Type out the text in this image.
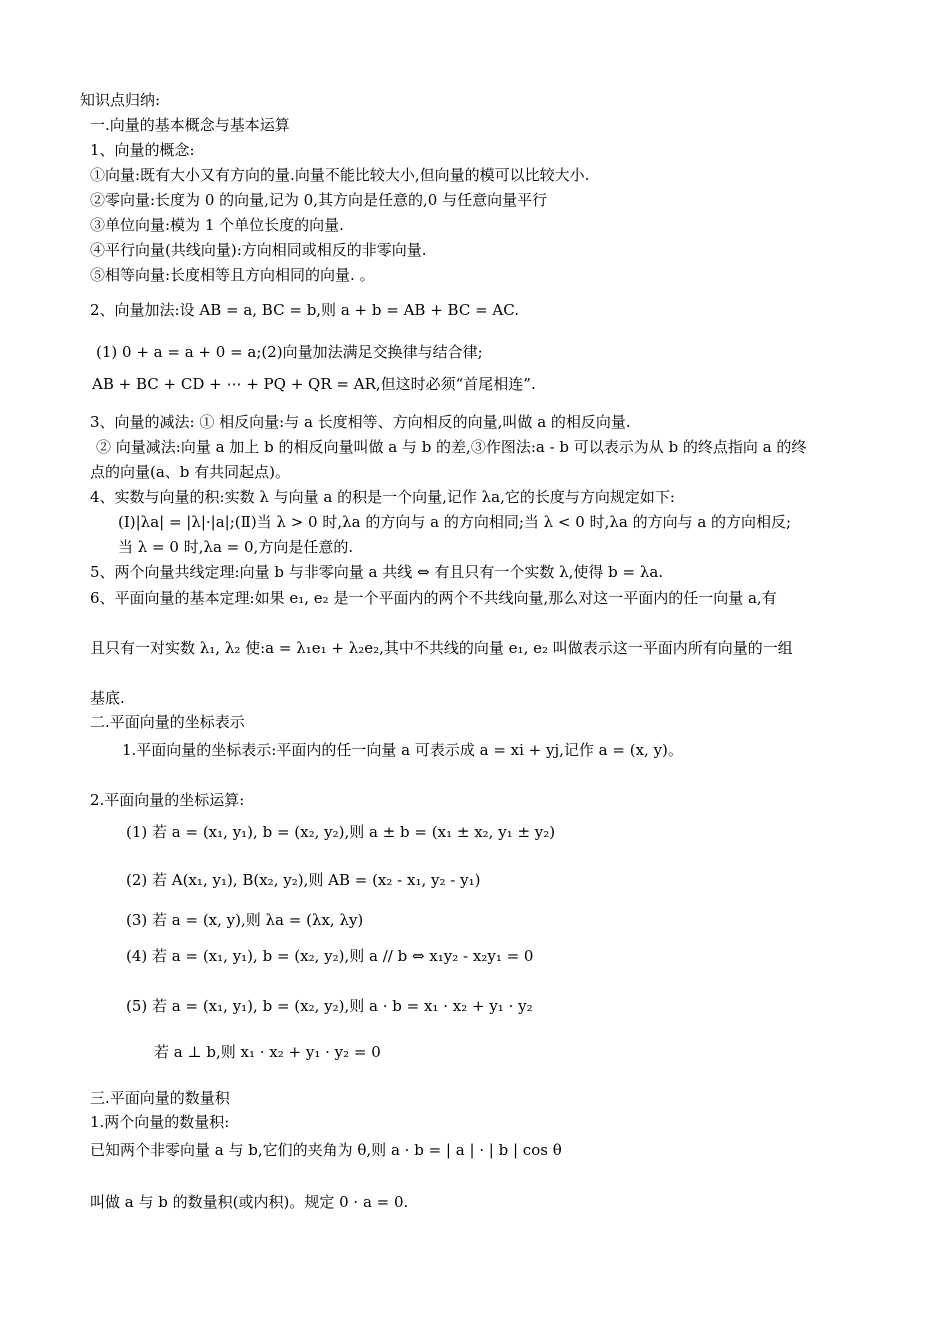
知识点归纳:
一.向量的基本概念与基本运算
1、向量的概念:
①向量:既有大小又有方向的量.向量不能比较大小,但向量的模可以比较大小.
②零向量:长度为 0 的向量,记为 0,其方向是任意的,0 与任意向量平行
③单位向量:模为 1 个单位长度的向量.
④平行向量(共线向量):方向相同或相反的非零向量.
⑤相等向量:长度相等且方向相同的向量. 。
2、向量加法:设 AB = a, BC = b,则 a + b = AB + BC = AC.
(1) 0 + a = a + 0 = a;(2)向量加法满足交换律与结合律;
AB + BC + CD + ⋯ + PQ + QR = AR,但这时必须“首尾相连”.
3、向量的减法: ① 相反向量:与 a 长度相等、方向相反的向量,叫做 a 的相反向量.
② 向量减法:向量 a 加上 b 的相反向量叫做 a 与 b 的差,③作图法:a - b 可以表示为从 b 的终点指向 a 的终
点的向量(a、b 有共同起点)。
4、实数与向量的积:实数 λ 与向量 a 的积是一个向量,记作 λa,它的长度与方向规定如下:
(Ⅰ)|λa| = |λ|·|a|;(Ⅱ)当 λ > 0 时,λa 的方向与 a 的方向相同;当 λ < 0 时,λa 的方向与 a 的方向相反;
当 λ = 0 时,λa = 0,方向是任意的.
5、两个向量共线定理:向量 b 与非零向量 a 共线 ⇔ 有且只有一个实数 λ,使得 b = λa.
6、平面向量的基本定理:如果 e₁, e₂ 是一个平面内的两个不共线向量,那么对这一平面内的任一向量 a,有
且只有一对实数 λ₁, λ₂ 使:a = λ₁e₁ + λ₂e₂,其中不共线的向量 e₁, e₂ 叫做表示这一平面内所有向量的一组
基底.
二.平面向量的坐标表示
1.平面向量的坐标表示:平面内的任一向量 a 可表示成 a = xi + yj,记作 a = (x, y)。
2.平面向量的坐标运算:
(1) 若 a = (x₁, y₁), b = (x₂, y₂),则 a ± b = (x₁ ± x₂, y₁ ± y₂)
(2) 若 A(x₁, y₁), B(x₂, y₂),则 AB = (x₂ - x₁, y₂ - y₁)
(3) 若 a = (x, y),则 λa = (λx, λy)
(4) 若 a = (x₁, y₁), b = (x₂, y₂),则 a // b ⇔ x₁y₂ - x₂y₁ = 0
(5) 若 a = (x₁, y₁), b = (x₂, y₂),则 a · b = x₁ · x₂ + y₁ · y₂
若 a ⊥ b,则 x₁ · x₂ + y₁ · y₂ = 0
三.平面向量的数量积
1.两个向量的数量积:
已知两个非零向量 a 与 b,它们的夹角为 θ,则 a · b = | a | · | b | cos θ
叫做 a 与 b 的数量积(或内积)。规定 0 · a = 0.
